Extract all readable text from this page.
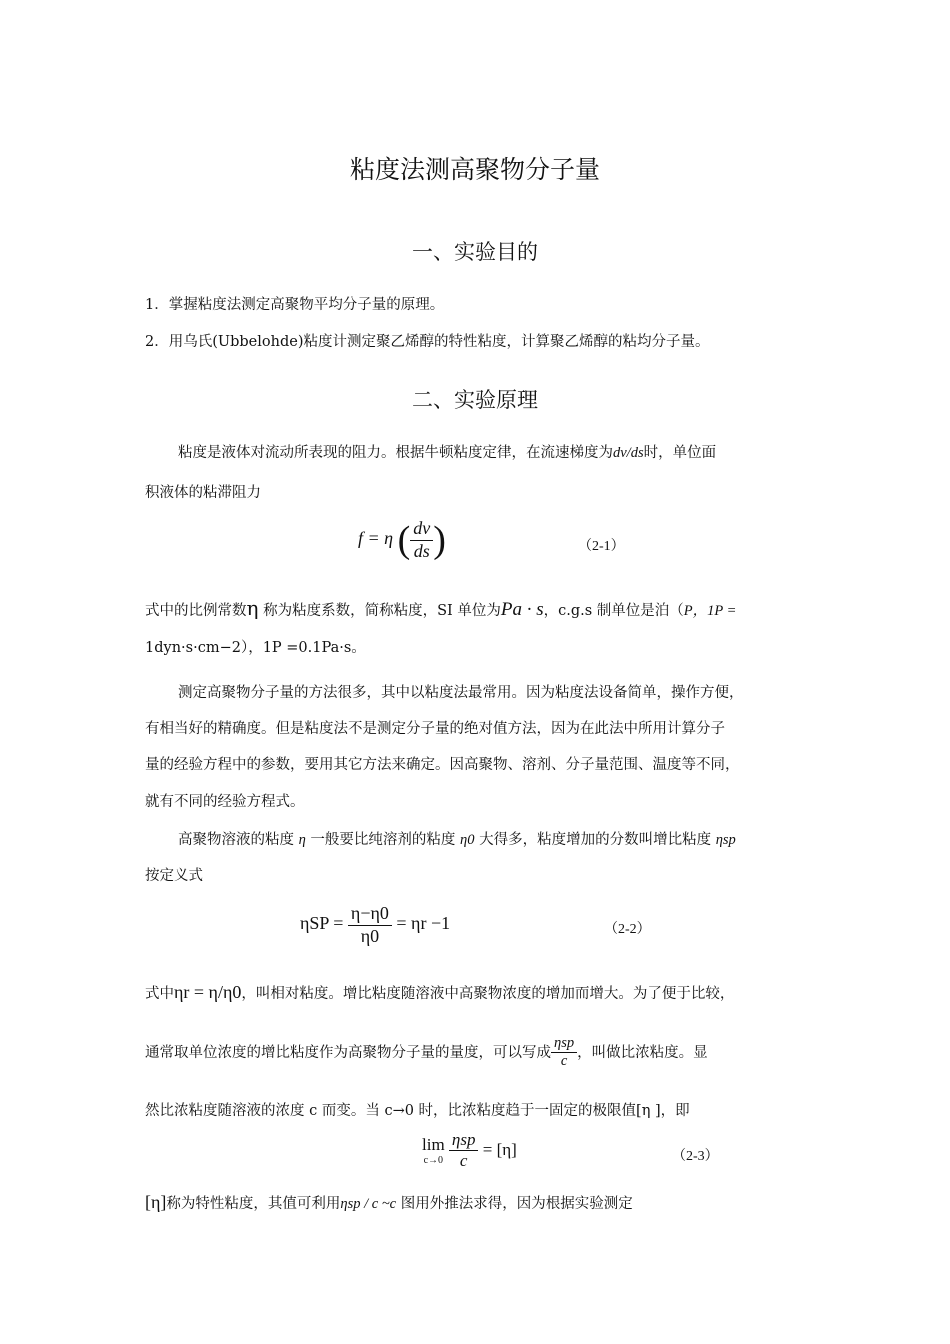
粘度法测高聚物分子量
一、实验目的
1．掌握粘度法测定高聚物平均分子量的原理。
2．用乌氏(Ubbelohde)粘度计测定聚乙烯醇的特性粘度，计算聚乙烯醇的粘均分子量。
二、实验原理
粘度是液体对流动所表现的阻力。根据牛顿粘度定律，在流速梯度为dv/ds时，单位面
积液体的粘滞阻力
f = η ( $\frac{dv}{ds}$ )	（2-1）
式中的比例常数η 称为粘度系数，简称粘度，SI 单位为Pa · s，c.g.s 制单位是泊（P，1P =
1dyn·s·cm−2），1P =0.1Pa·s。
测定高聚物分子量的方法很多，其中以粘度法最常用。因为粘度法设备简单，操作方便，
有相当好的精确度。但是粘度法不是测定分子量的绝对值方法，因为在此法中所用计算分子
量的经验方程中的参数，要用其它方法来确定。因高聚物、溶剂、分子量范围、温度等不同，
就有不同的经验方程式。
高聚物溶液的粘度 η 一般要比纯溶剂的粘度 η0 大得多，粘度增加的分数叫增比粘度 ηsp
按定义式
$\eta SP = \frac{\eta-\eta 0}{\eta 0} = \eta r -1$	（2-2）
式中ηr = η/η0，叫相对粘度。增比粘度随溶液中高聚物浓度的增加而增大。为了便于比较，
通常取单位浓度的增比粘度作为高聚物分子量的量度，可以写成 $\frac{\text{ηsp}}{c}$ ，叫做比浓粘度。显
然比浓粘度随溶液的浓度 c 而变。当 c→0 时，比浓粘度趋于一固定的极限值[η ]，即
lim
c→0
$\frac{\text{ηsp}}{c} = [\eta]$	（2-3）
[η]称为特性粘度，其值可利用ηsp / c ~c 图用外推法求得，因为根据实验测定
